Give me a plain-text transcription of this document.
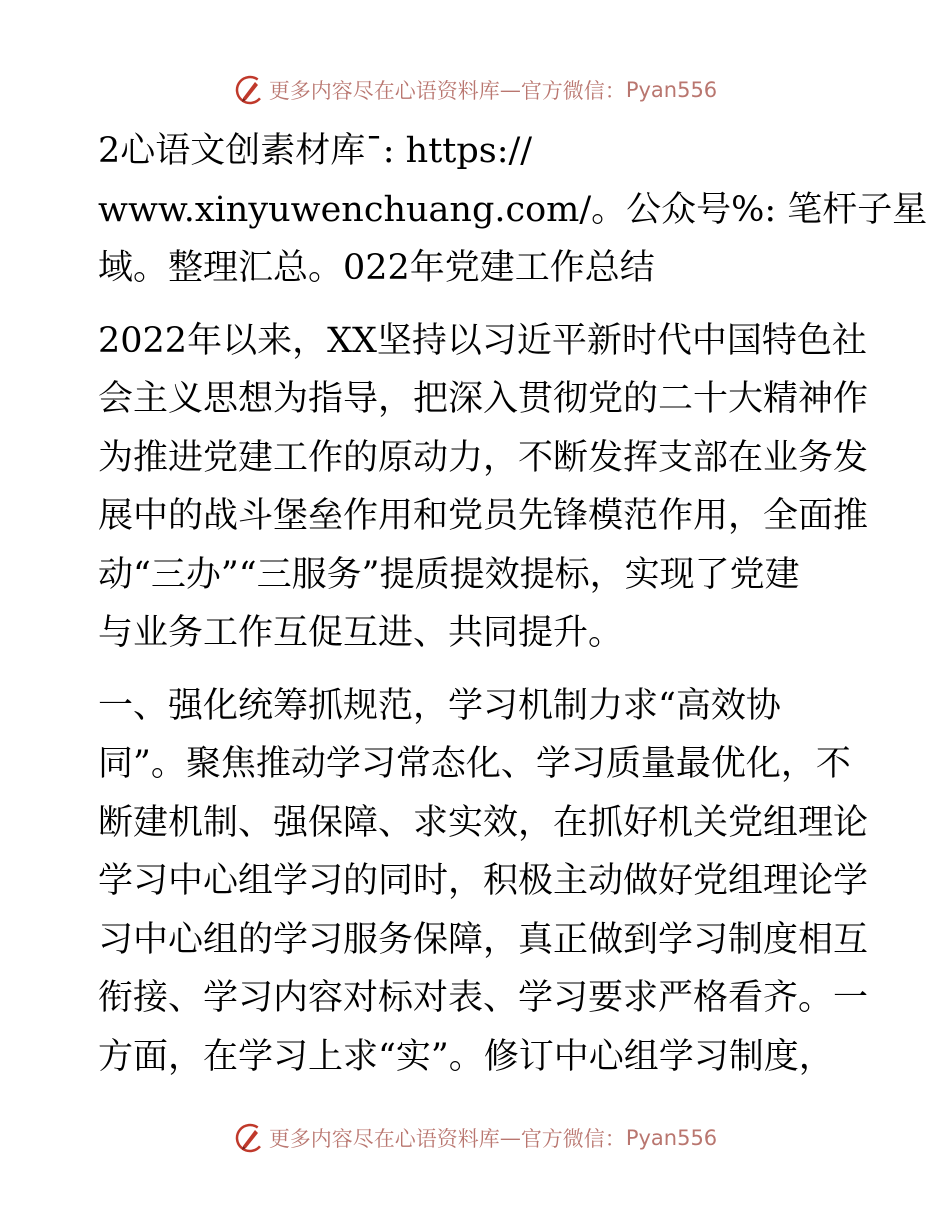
更多内容尽在心语资料库 — 官方微信： Pyan556

2心语文创素材库¯: https://
www.xinyuwenchuang.com/。公众号%: 笔杆子星
域。整理汇总。022年党建工作总结

2022年以来，XX坚持以习近平新时代中国特色社
会主义思想为指导，把深入贯彻党的二十大精神作
为推进党建工作的原动力，不断发挥支部在业务发
展中的战斗堡垒作用和党员先锋模范作用，全面推
动“三办”“三服务”提质提效提标，实现了党建
与业务工作互促互进、共同提升。

一、强化统筹抓规范，学习机制力求“高效协
同”。聚焦推动学习常态化、学习质量最优化，不
断建机制、强保障、求实效，在抓好机关党组理论
学习中心组学习的同时，积极主动做好党组理论学
习中心组的学习服务保障，真正做到学习制度相互
衔接、学习内容对标对表、学习要求严格看齐。一
方面，在学习上求“实”。修订中心组学习制度，

更多内容尽在心语资料库 — 官方微信： Pyan556
